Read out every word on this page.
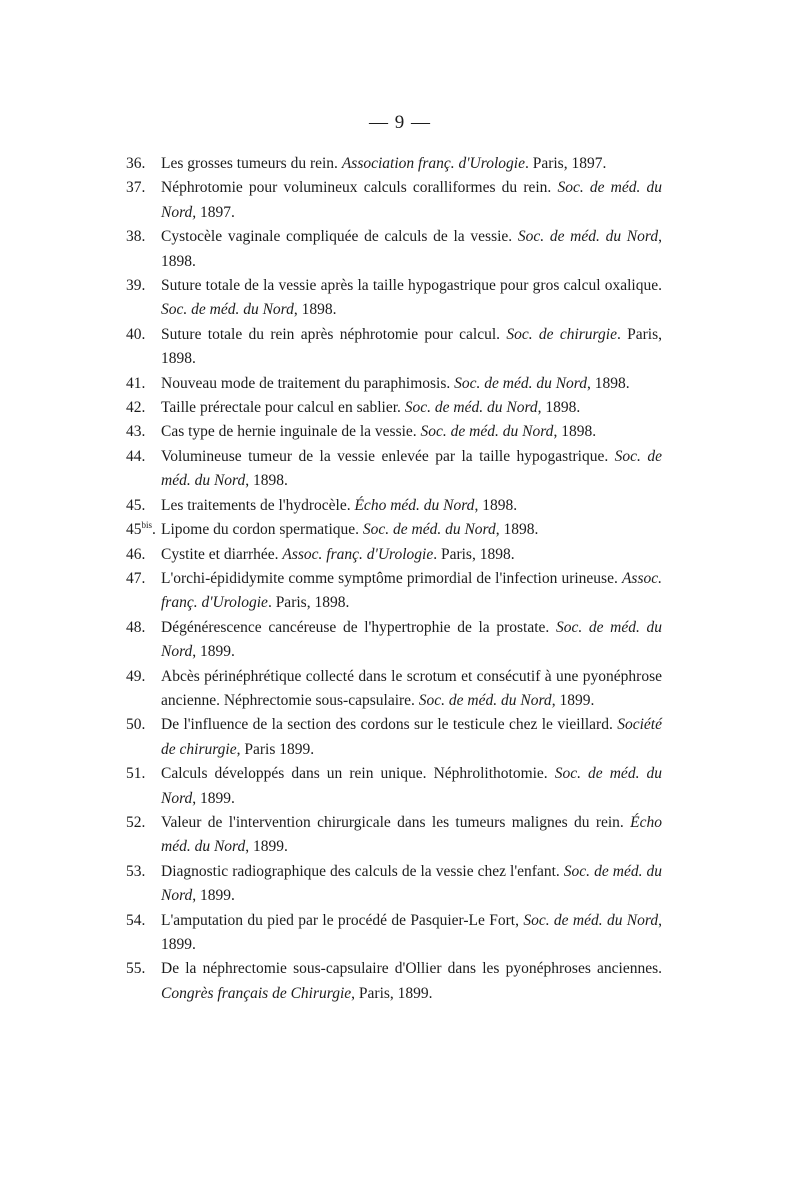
— 9 —

36. Les grosses tumeurs du rein. Association franç. d'Urologie. Paris, 1897.

37. Néphrotomie pour volumineux calculs coralliformes du rein. Soc. de méd. du Nord, 1897.

38. Cystocèle vaginale compliquée de calculs de la vessie. Soc. de méd. du Nord, 1898.

39. Suture totale de la vessie après la taille hypogastrique pour gros calcul oxalique. Soc. de méd. du Nord, 1898.

40. Suture totale du rein après néphrotomie pour calcul. Soc. de chirurgie. Paris, 1898.

41. Nouveau mode de traitement du paraphimosis. Soc. de méd. du Nord, 1898.

42. Taille prérectale pour calcul en sablier. Soc. de méd. du Nord, 1898.

43. Cas type de hernie inguinale de la vessie. Soc. de méd. du Nord, 1898.

44. Volumineuse tumeur de la vessie enlevée par la taille hypogastrique. Soc. de méd. du Nord, 1898.

45. Les traitements de l'hydrocèle. Écho méd. du Nord, 1898.

$45^{bis}$. Lipome du cordon spermatique. Soc. de méd. du Nord, 1898.

46. Cystite et diarrhée. Assoc. franç. d'Urologie. Paris, 1898.

47. L'orchi-épididymite comme symptôme primordial de l'infection urineuse. Assoc. franç. d'Urologie. Paris, 1898.

48. Dégénérescence cancéreuse de l'hypertrophie de la prostate. Soc. de méd. du Nord, 1899.

49. Abcès périnéphrétique collecté dans le scrotum et consécutif à une pyonéphrose ancienne. Néphrectomie sous-capsulaire. Soc. de méd. du Nord, 1899.

50. De l'influence de la section des cordons sur le testicule chez le vieillard. Société de chirurgie, Paris 1899.

51. Calculs développés dans un rein unique. Néphrolithotomie. Soc. de méd. du Nord, 1899.

52. Valeur de l'intervention chirurgicale dans les tumeurs malignes du rein. Écho méd. du Nord, 1899.

53. Diagnostic radiographique des calculs de la vessie chez l'enfant. Soc. de méd. du Nord, 1899.

54. L'amputation du pied par le procédé de Pasquier-Le Fort, Soc. de méd. du Nord, 1899.

55. De la néphrectomie sous-capsulaire d'Ollier dans les pyonéphroses anciennes. Congrès français de Chirurgie, Paris, 1899.
